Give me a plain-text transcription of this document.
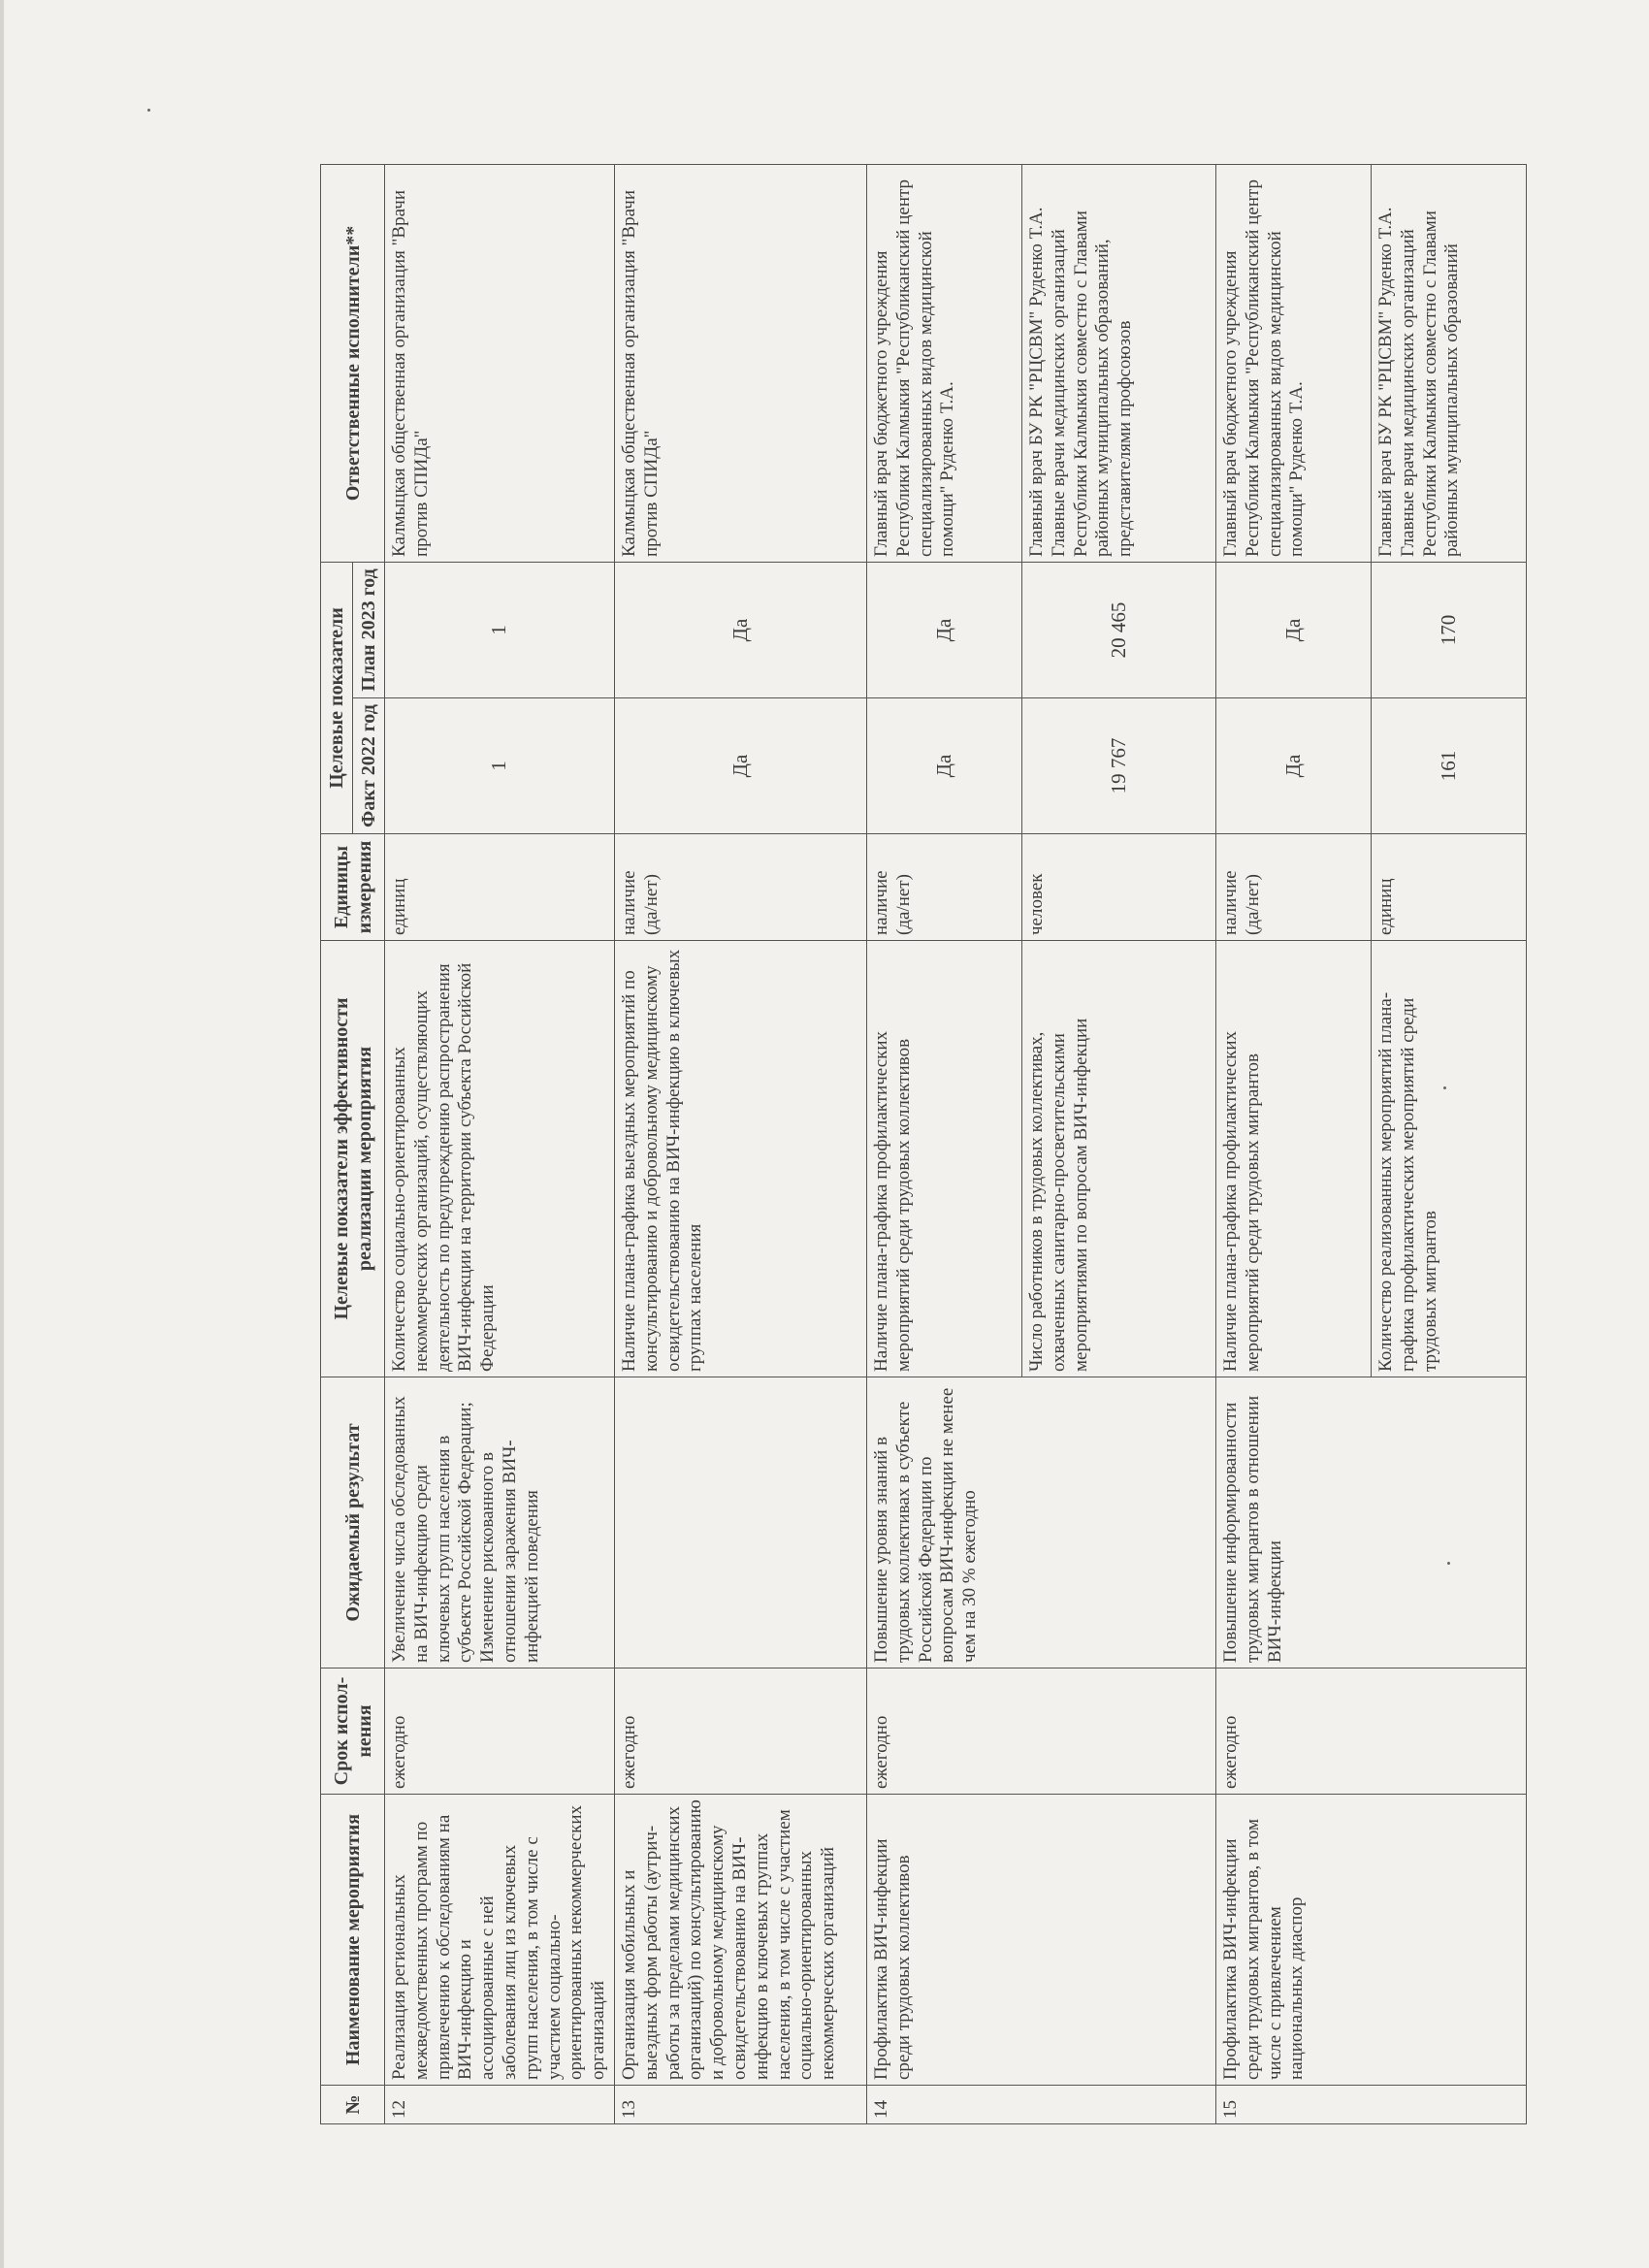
№	Наименование мероприятия	Срок испол-нения	Ожидаемый результат	Целевые показатели эффективности реализации мероприятия	Единицы измерения	Целевые показатели		Ответственные исполнители**
						Факт 2022 год	План 2023 год	
12	Реализация региональных межведомственных программ по привлечению к обследованиям на ВИЧ-инфекцию и ассоциированные с ней заболевания лиц из ключевых групп населения, в том числе с участием социально-ориентированных некоммерческих организаций	ежегодно	Увеличение числа обследованных на ВИЧ-инфекцию среди ключевых групп населения в субъекте Российской Федерации; Изменение рискованного в отношении заражения ВИЧ-инфекцией поведения	Количество социально-ориентированных некоммерческих организаций, осуществляющих деятельность по предупреждению распространения ВИЧ-инфекции на территории субъекта Российской Федерации	единиц	1	1	Калмыцкая общественная организация "Врачи против СПИДа"
13	Организация мобильных и выездных форм работы (аутрич-работы за пределами медицинских организаций) по консультированию и добровольному медицинскому освидетельствованию на ВИЧ-инфекцию в ключевых группах населения, в том числе с участием социально-ориентированных некоммерческих организаций	ежегодно		Наличие плана-графика выездных мероприятий по консультированию и добровольному медицинскому освидетельствованию на ВИЧ-инфекцию в ключевых группах населения	наличие (да/нет)	Да	Да	Калмыцкая общественная организация "Врачи против СПИДа"
14	Профилактика ВИЧ-инфекции среди трудовых коллективов	ежегодно	Повышение уровня знаний в трудовых коллективах в субъекте Российской Федерации по вопросам ВИЧ-инфекции не менее чем на 30 % ежегодно	Наличие плана-графика профилактических мероприятий среди трудовых коллективов	наличие (да/нет)	Да	Да	Главный врач бюджетного учреждения Республики Калмыкия "Республиканский центр специализированных видов медицинской помощи" Руденко Т.А.
				Число работников в трудовых коллективах, охваченных санитарно-просветительскими мероприятиями по вопросам ВИЧ-инфекции	человек	19 767	20 465	Главный врач БУ РК "РЦСВМ" Руденко Т.А. Главные врачи медицинских организаций Республики Калмыкия совместно с Главами районных муниципальных образований, представителями профсоюзов
15	Профилактика ВИЧ-инфекции среди трудовых мигрантов, в том числе с привлечением национальных диаспор	ежегодно	Повышение информированности трудовых мигрантов в отношении ВИЧ-инфекции	Наличие плана-графика профилактических мероприятий среди трудовых мигрантов	наличие (да/нет)	Да	Да	Главный врач бюджетного учреждения Республики Калмыкия "Республиканский центр специализированных видов медицинской помощи" Руденко Т.А.
				Количество реализованных мероприятий плана-графика профилактических мероприятий среди трудовых мигрантов	единиц	161	170	Главный врач БУ РК "РЦСВМ" Руденко Т.А. Главные врачи медицинских организаций Республики Калмыкия совместно с Главами районных муниципальных образований
